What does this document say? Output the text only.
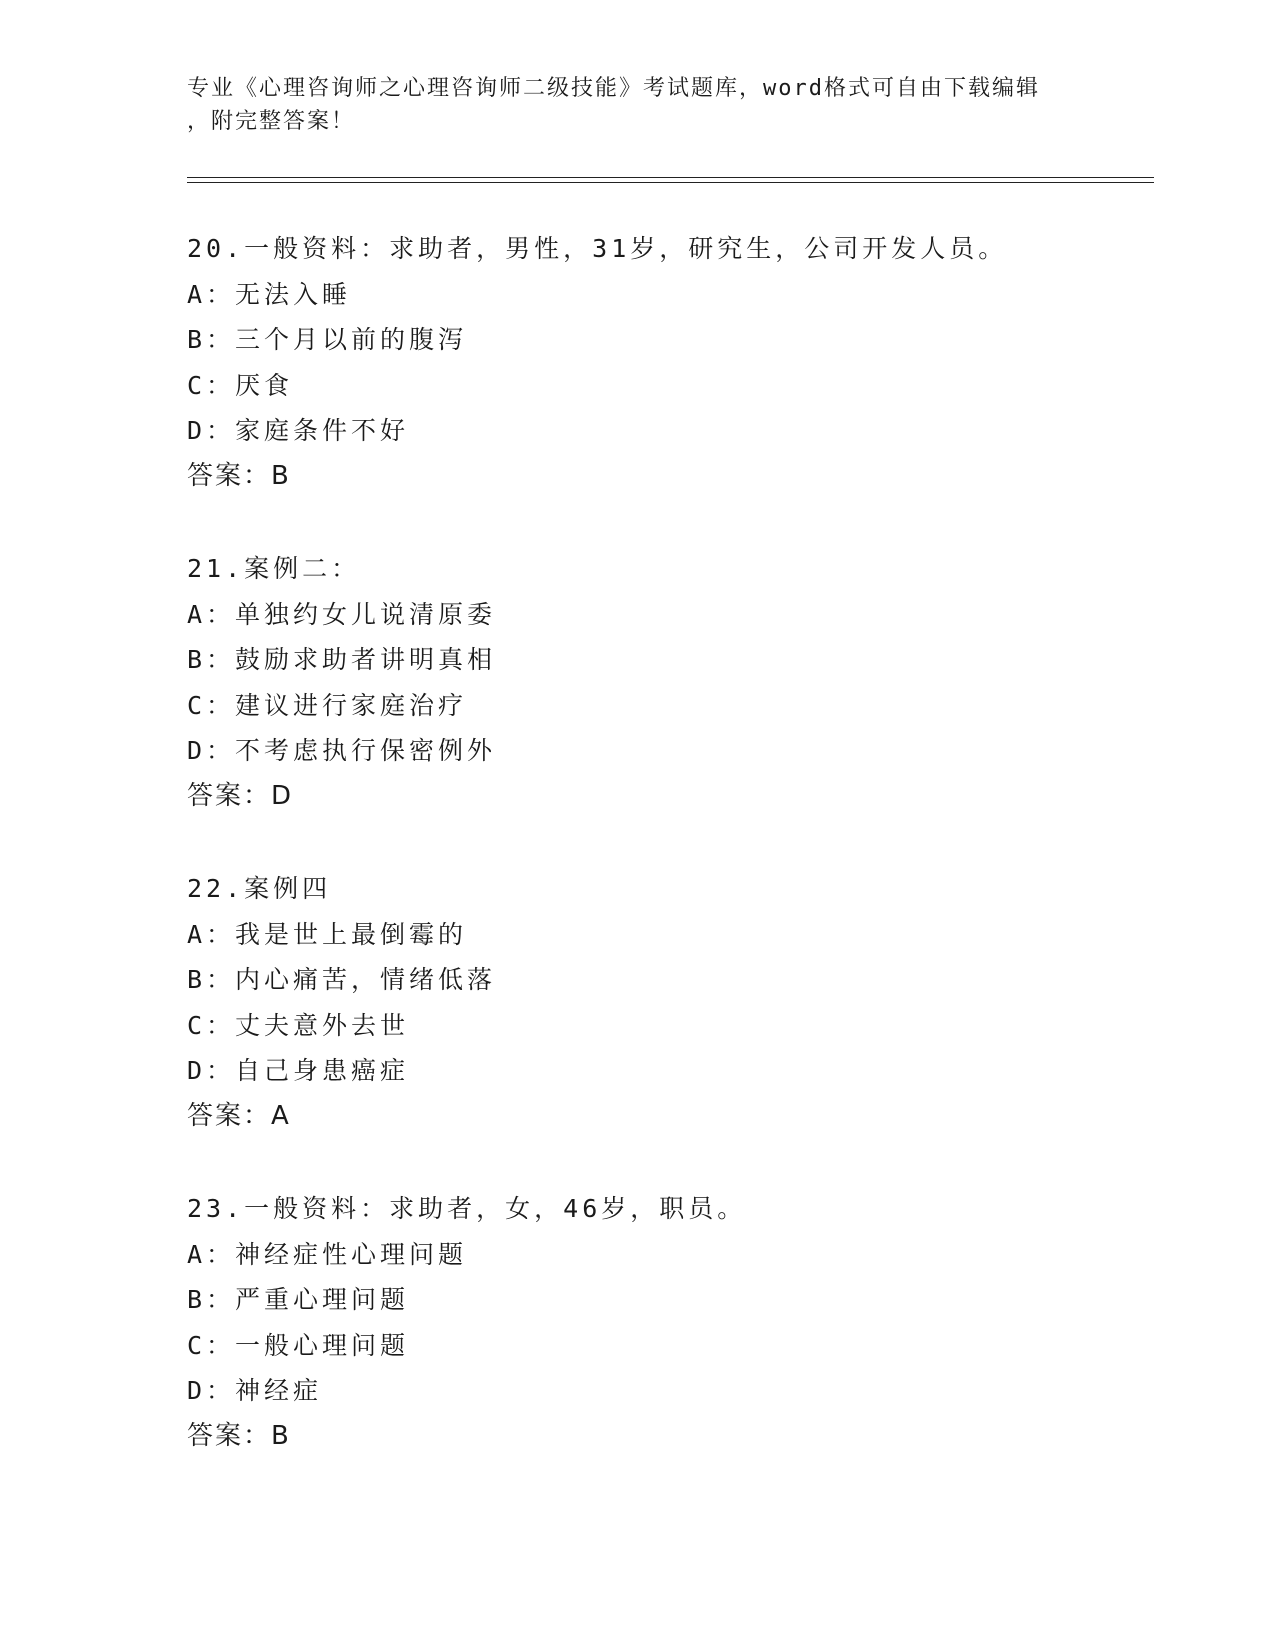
专业《心理咨询师之心理咨询师二级技能》考试题库，word格式可自由下载编辑
，附完整答案！
20.一般资料：求助者，男性，31岁，研究生，公司开发人员。
A：无法入睡
B：三个月以前的腹泻
C：厌食
D：家庭条件不好
答案：B
21.案例二：
A：单独约女儿说清原委
B：鼓励求助者讲明真相
C：建议进行家庭治疗
D：不考虑执行保密例外
答案：D
22.案例四
A：我是世上最倒霉的
B：内心痛苦，情绪低落
C：丈夫意外去世
D：自己身患癌症
答案：A
23.一般资料：求助者，女，46岁，职员。
A：神经症性心理问题
B：严重心理问题
C：一般心理问题
D：神经症
答案：B
